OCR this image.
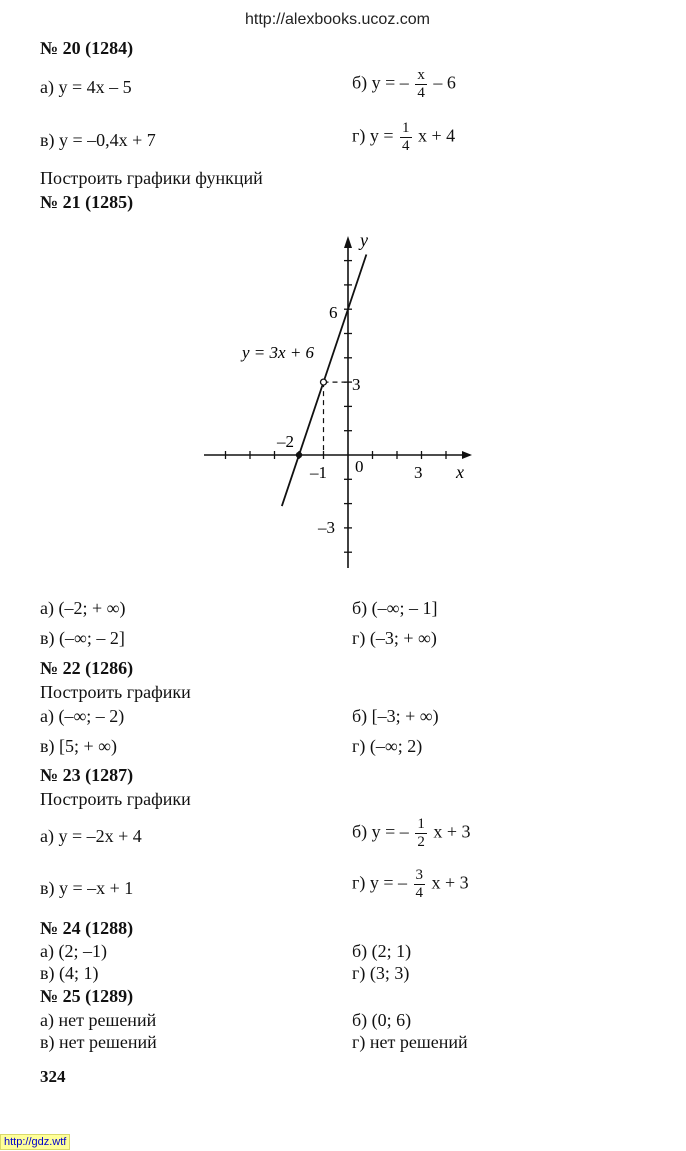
http://alexbooks.ucoz.com
№ 20 (1284)
а) y = 4x – 5	б) y = – $\frac{x}{4} - 6$
в) y = –0,4x + 7	г) $y = \frac{1}{4}$ x + 4
Построить графики функций
№ 21 (1285)
y
x
y = 3x + 6
6
3
–3
–1 0	3
–2
а) (–2; + ∞)	б) (–∞; – 1]
в) (–∞; – 2]	г) (–3; + ∞)
№ 22 (1286)
Построить графики
а) (–∞; – 2)	б) [–3; + ∞)
в) [5; + ∞)	г) (–∞; 2)
№ 23 (1287)
Построить графики
а) y = –2x + 4	б) y = – $\frac{1}{2}$ x + 3
в) y = –x + 1	г) y = – $\frac{3}{4}$ x + 3
№ 24 (1288)
а) (2; –1)	б) (2; 1)
в) (4; 1)	г) (3; 3)
№ 25 (1289)
а) нет решений	б) (0; 6)
в) нет решений	г) нет решений
324
http://gdz.wtf
